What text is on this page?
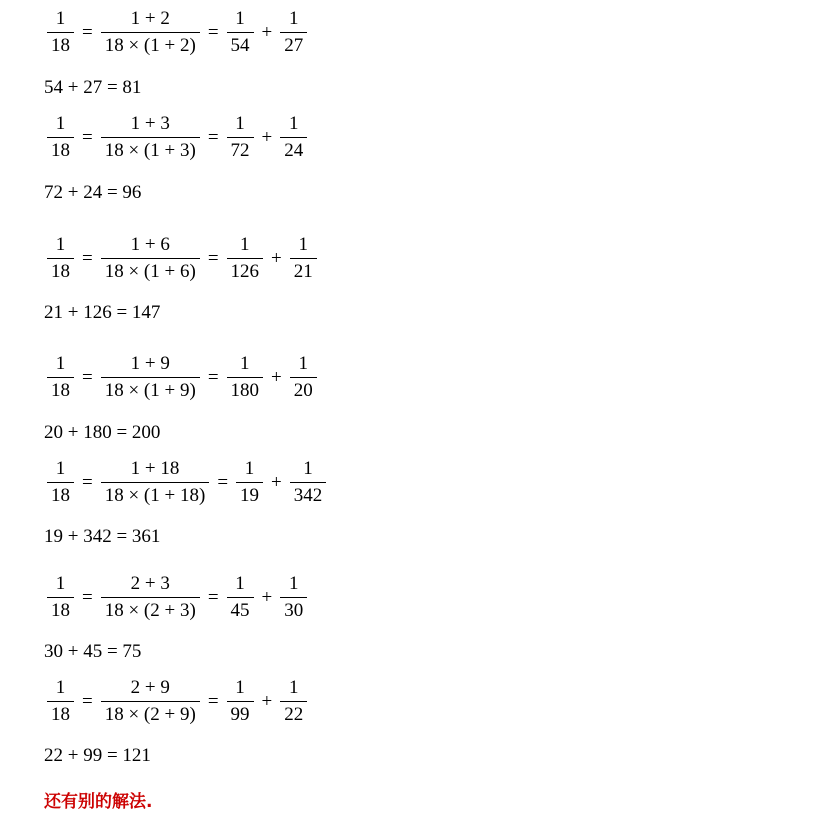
$\frac{1}{18} = \frac{1 + 2}{18 \times (1 + 2)} = \frac{1}{54} + \frac{1}{27}$
54 + 27 = 81
$\frac{1}{18} = \frac{1 + 3}{18 \times (1 + 3)} = \frac{1}{72} + \frac{1}{24}$
72 + 24 = 96
$\frac{1}{18} = \frac{1 + 6}{18 \times (1 + 6)} = \frac{1}{126} + \frac{1}{21}$
21 + 126 = 147
$\frac{1}{18} = \frac{1 + 9}{18 \times (1 + 9)} = \frac{1}{180} + \frac{1}{20}$
20 + 180 = 200
$\frac{1}{18} = \frac{1 + 18}{18 \times (1 + 18)} = \frac{1}{19} + \frac{1}{342}$
19 + 342 = 361
$\frac{1}{18} = \frac{2 + 3}{18 \times (2 + 3)} = \frac{1}{45} + \frac{1}{30}$
30 + 45 = 75
$\frac{1}{18} = \frac{2 + 9}{18 \times (2 + 9)} = \frac{1}{99} + \frac{1}{22}$
22 + 99 = 121
还有别的解法.
